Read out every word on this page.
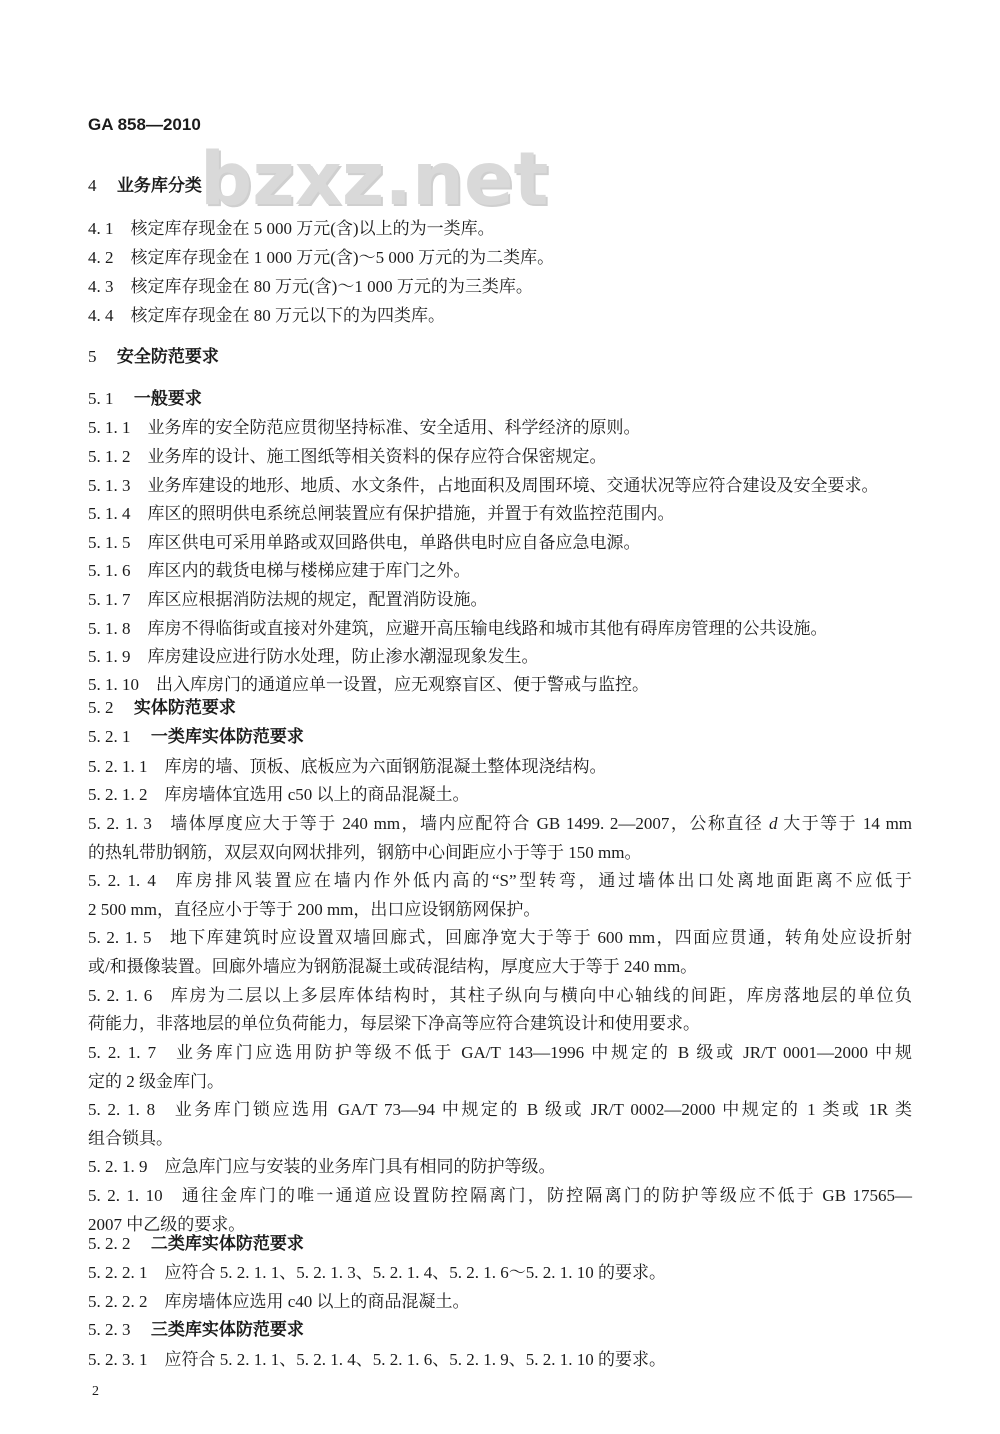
GA 858—2010
bzxz.net
4 业务库分类
4. 1 核定库存现金在 5 000 万元(含)以上的为一类库。
4. 2 核定库存现金在 1 000 万元(含)～5 000 万元的为二类库。
4. 3 核定库存现金在 80 万元(含)～1 000 万元的为三类库。
4. 4 核定库存现金在 80 万元以下的为四类库。
5 安全防范要求
5. 1 一般要求
5. 1. 1 业务库的安全防范应贯彻坚持标准、安全适用、科学经济的原则。
5. 1. 2 业务库的设计、施工图纸等相关资料的保存应符合保密规定。
5. 1. 3 业务库建设的地形、地质、水文条件，占地面积及周围环境、交通状况等应符合建设及安全要求。
5. 1. 4 库区的照明供电系统总闸装置应有保护措施，并置于有效监控范围内。
5. 1. 5 库区供电可采用单路或双回路供电，单路供电时应自备应急电源。
5. 1. 6 库区内的载货电梯与楼梯应建于库门之外。
5. 1. 7 库区应根据消防法规的规定，配置消防设施。
5. 1. 8 库房不得临街或直接对外建筑，应避开高压输电线路和城市其他有碍库房管理的公共设施。
5. 1. 9 库房建设应进行防水处理，防止渗水潮湿现象发生。
5. 1. 10 出入库房门的通道应单一设置，应无观察盲区、便于警戒与监控。
5. 2 实体防范要求
5. 2. 1 一类库实体防范要求
5. 2. 1. 1 库房的墙、顶板、底板应为六面钢筋混凝土整体现浇结构。
5. 2. 1. 2 库房墙体宜选用 c50 以上的商品混凝土。
5. 2. 1. 3 墙体厚度应大于等于 240 mm，墙内应配符合 GB 1499. 2—2007，公称直径 d 大于等于 14 mm
的热轧带肋钢筋，双层双向网状排列，钢筋中心间距应小于等于 150 mm。
5. 2. 1. 4 库房排风装置应在墙内作外低内高的“S”型转弯，通过墙体出口处离地面距离不应低于
2 500 mm，直径应小于等于 200 mm，出口应设钢筋网保护。
5. 2. 1. 5 地下库建筑时应设置双墙回廊式，回廊净宽大于等于 600 mm，四面应贯通，转角处应设折射
或/和摄像装置。回廊外墙应为钢筋混凝土或砖混结构，厚度应大于等于 240 mm。
5. 2. 1. 6 库房为二层以上多层库体结构时，其柱子纵向与横向中心轴线的间距，库房落地层的单位负
荷能力，非落地层的单位负荷能力，每层梁下净高等应符合建筑设计和使用要求。
5. 2. 1. 7 业务库门应选用防护等级不低于 GA/T 143—1996 中规定的 B 级或 JR/T 0001—2000 中规
定的 2 级金库门。
5. 2. 1. 8 业务库门锁应选用 GA/T 73—94 中规定的 B 级或 JR/T 0002—2000 中规定的 1 类或 1R 类
组合锁具。
5. 2. 1. 9 应急库门应与安装的业务库门具有相同的防护等级。
5. 2. 1. 10 通往金库门的唯一通道应设置防控隔离门，防控隔离门的防护等级应不低于 GB 17565—
2007 中乙级的要求。
5. 2. 2 二类库实体防范要求
5. 2. 2. 1 应符合 5. 2. 1. 1、5. 2. 1. 3、5. 2. 1. 4、5. 2. 1. 6～5. 2. 1. 10 的要求。
5. 2. 2. 2 库房墙体应选用 c40 以上的商品混凝土。
5. 2. 3 三类库实体防范要求
5. 2. 3. 1 应符合 5. 2. 1. 1、5. 2. 1. 4、5. 2. 1. 6、5. 2. 1. 9、5. 2. 1. 10 的要求。
2
